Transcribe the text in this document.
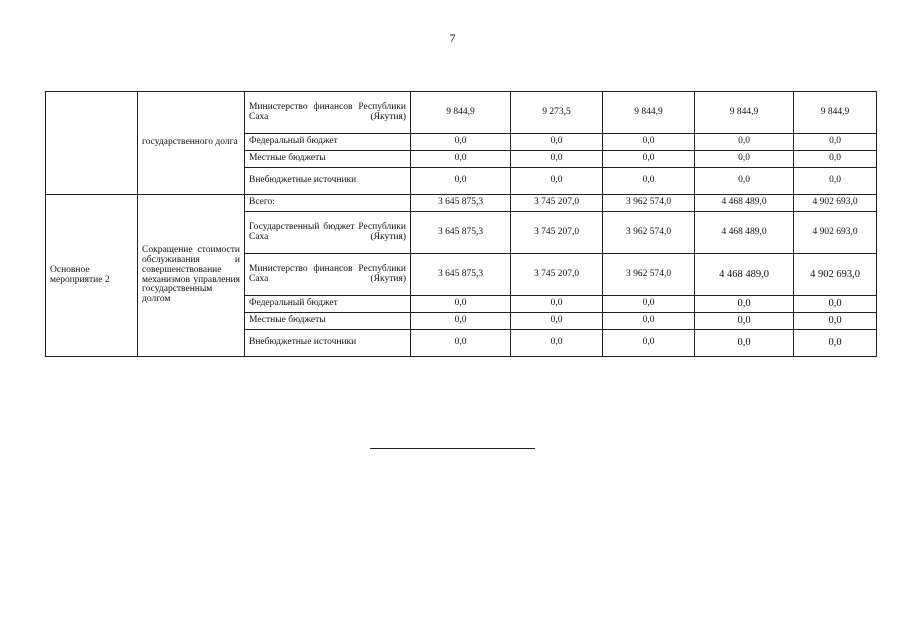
7
	государственного долга	Министерство финансов Республики Саха (Якутия)	9 844,9	9 273,5	9 844,9	9 844,9	9 844,9
		Федеральный бюджет	0,0	0,0	0,0	0,0	0,0
		Местные бюджеты	0,0	0,0	0,0	0,0	0,0
		Внебюджетные источники	0,0	0,0	0,0	0,0	0,0
Основное мероприятие 2	Сокращение стоимости обслуживания и совершенствование механизмов управления государственным долгом	Всего:	3 645 875,3	3 745 207,0	3 962 574,0	4 468 489,0	4 902 693,0
		Государственный бюджет Республики Саха (Якутия)	3 645 875,3	3 745 207,0	3 962 574,0	4 468 489,0	4 902 693,0
		Министерство финансов Республики Саха (Якутия)	3 645 875,3	3 745 207,0	3 962 574,0	4 468 489,0	4 902 693,0
		Федеральный бюджет	0,0	0,0	0,0	0,0	0,0
		Местные бюджеты	0,0	0,0	0,0	0,0	0,0
		Внебюджетные источники	0,0	0,0	0,0	0,0	0,0
